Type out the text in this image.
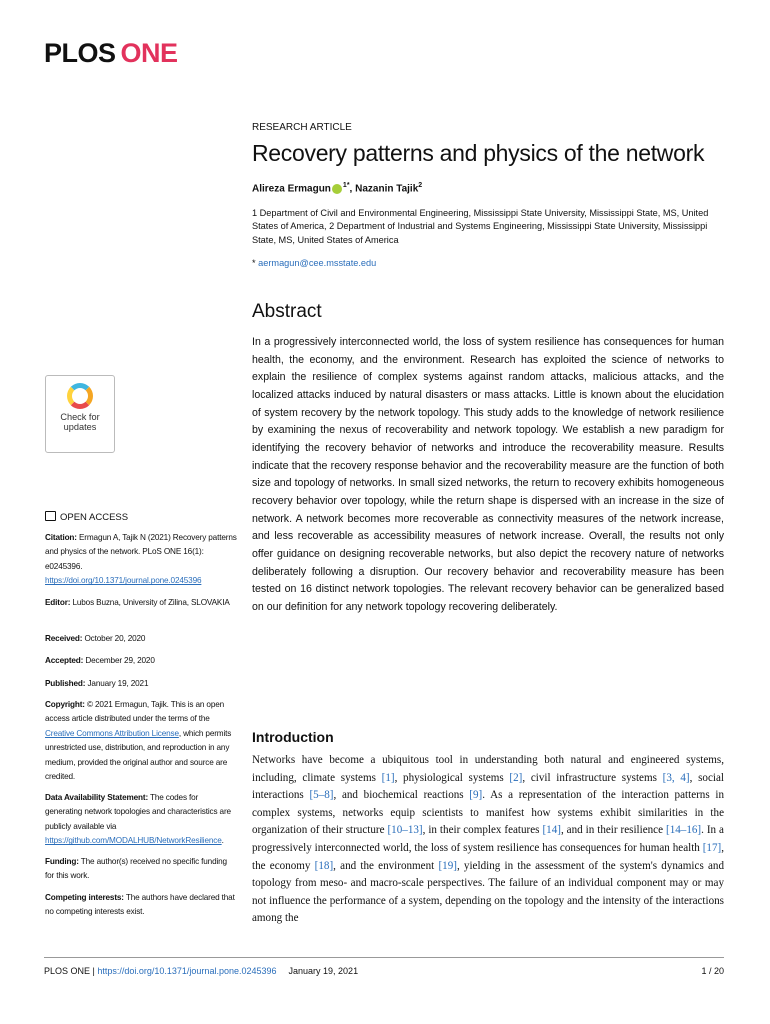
PLOS ONE
RESEARCH ARTICLE
Recovery patterns and physics of the network
Alireza Ermagun $^{1*}$, Nazanin Tajik$^2$
1 Department of Civil and Environmental Engineering, Mississippi State University, Mississippi State, MS, United States of America, 2 Department of Industrial and Systems Engineering, Mississippi State University, Mississippi State, MS, United States of America
* aermagun@cee.msstate.edu
Abstract

In a progressively interconnected world, the loss of system resilience has consequences for human health, the economy, and the environment. Research has exploited the science of networks to explain the resilience of complex systems against random attacks, malicious attacks, and the localized attacks induced by natural disasters or mass attacks. Little is known about the elucidation of system recovery by the network topology. This study adds to the knowledge of network resilience by examining the nexus of recoverability and network topology. We establish a new paradigm for identifying the recovery behavior of networks and introduce the recoverability measure. Results indicate that the recovery response behavior and the recoverability measure are the function of both size and topology of networks. In small sized networks, the return to recovery exhibits homogeneous recovery behavior over topology, while the return shape is dispersed with an increase in the size of network. A network becomes more recoverable as connectivity measures of the network increase, and less recoverable as accessibility measures of network increase. Overall, the results not only offer guidance on designing recoverable networks, but also depict the recovery nature of networks deliberately following a disruption. Our recovery behavior and recoverability measure has been tested on 16 distinct network topologies. The relevant recovery behavior can be generalized based on our definition for any network topology recovering deliberately.

Check for
updates
OPEN ACCESS

Citation: Ermagun A, Tajik N (2021) Recovery patterns and physics of the network. PLoS ONE 16(1): e0245396. https://doi.org/10.1371/journal.pone.0245396

Editor: Lubos Buzna, University of Zilina, SLOVAKIA

Received: October 20, 2020

Accepted: December 29, 2020

Published: January 19, 2021

Copyright: © 2021 Ermagun, Tajik. This is an open access article distributed under the terms of the Creative Commons Attribution License, which permits unrestricted use, distribution, and reproduction in any medium, provided the original author and source are credited.

Data Availability Statement: The codes for generating network topologies and characteristics are publicly available via https://github.com/MODALHUB/NetworkResilience.

Funding: The author(s) received no specific funding for this work.

Competing interests: The authors have declared that no competing interests exist.

Introduction

Networks have become a ubiquitous tool in understanding both natural and engineered systems, including, climate systems [1], physiological systems [2], civil infrastructure systems [3, 4], social interactions [5–8], and biochemical reactions [9]. As a representation of the interaction patterns in complex systems, networks equip scientists to manifest how systems exhibit similarities in the organization of their structure [10–13], in their complex features [14], and in their resilience [14–16]. In a progressively interconnected world, the loss of system resilience has consequences for human health [17], the economy [18], and the environment [19], yielding in the assessment of the system's dynamics and topology from meso- and macro-scale perspectives. The failure of an individual component may or may not influence the performance of a system, depending on the topology and the intensity of the interactions among the

PLOS ONE | https://doi.org/10.1371/journal.pone.0245396 January 19, 2021	1 / 20
